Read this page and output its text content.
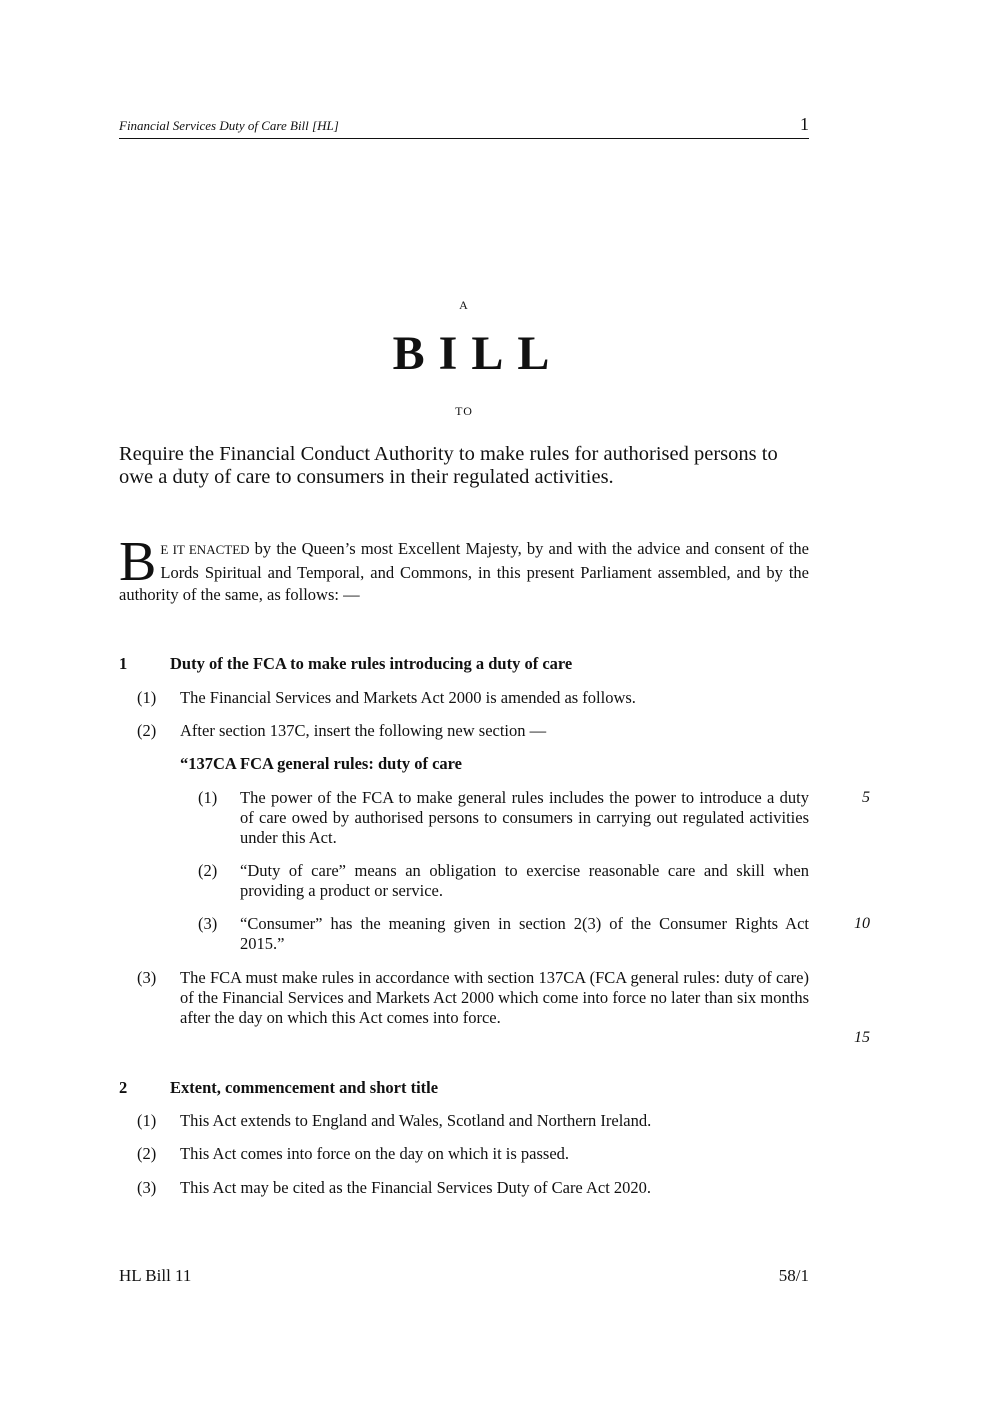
Financial Services Duty of Care Bill [HL]	1
A
BILL
TO
Require the Financial Conduct Authority to make rules for authorised persons to owe a duty of care to consumers in their regulated activities.
B E IT ENACTED by the Queen’s most Excellent Majesty, by and with the advice and consent of the Lords Spiritual and Temporal, and Commons, in this present Parliament assembled, and by the authority of the same, as follows: —
1	Duty of the FCA to make rules introducing a duty of care
(1) The Financial Services and Markets Act 2000 is amended as follows.
(2) After section 137C, insert the following new section —
“137CA FCA general rules: duty of care
(1) The power of the FCA to make general rules includes the power to introduce a duty of care owed by authorised persons to consumers in carrying out regulated activities under this Act.
(2) “Duty of care” means an obligation to exercise reasonable care and skill when providing a product or service.
(3) “Consumer” has the meaning given in section 2(3) of the Consumer Rights Act 2015.”
(3) The FCA must make rules in accordance with section 137CA (FCA general rules: duty of care) of the Financial Services and Markets Act 2000 which come into force no later than six months after the day on which this Act comes into force.
5
10
15
2	Extent, commencement and short title
(1) This Act extends to England and Wales, Scotland and Northern Ireland.
(2) This Act comes into force on the day on which it is passed.
(3) This Act may be cited as the Financial Services Duty of Care Act 2020.
HL Bill 11	58/1
